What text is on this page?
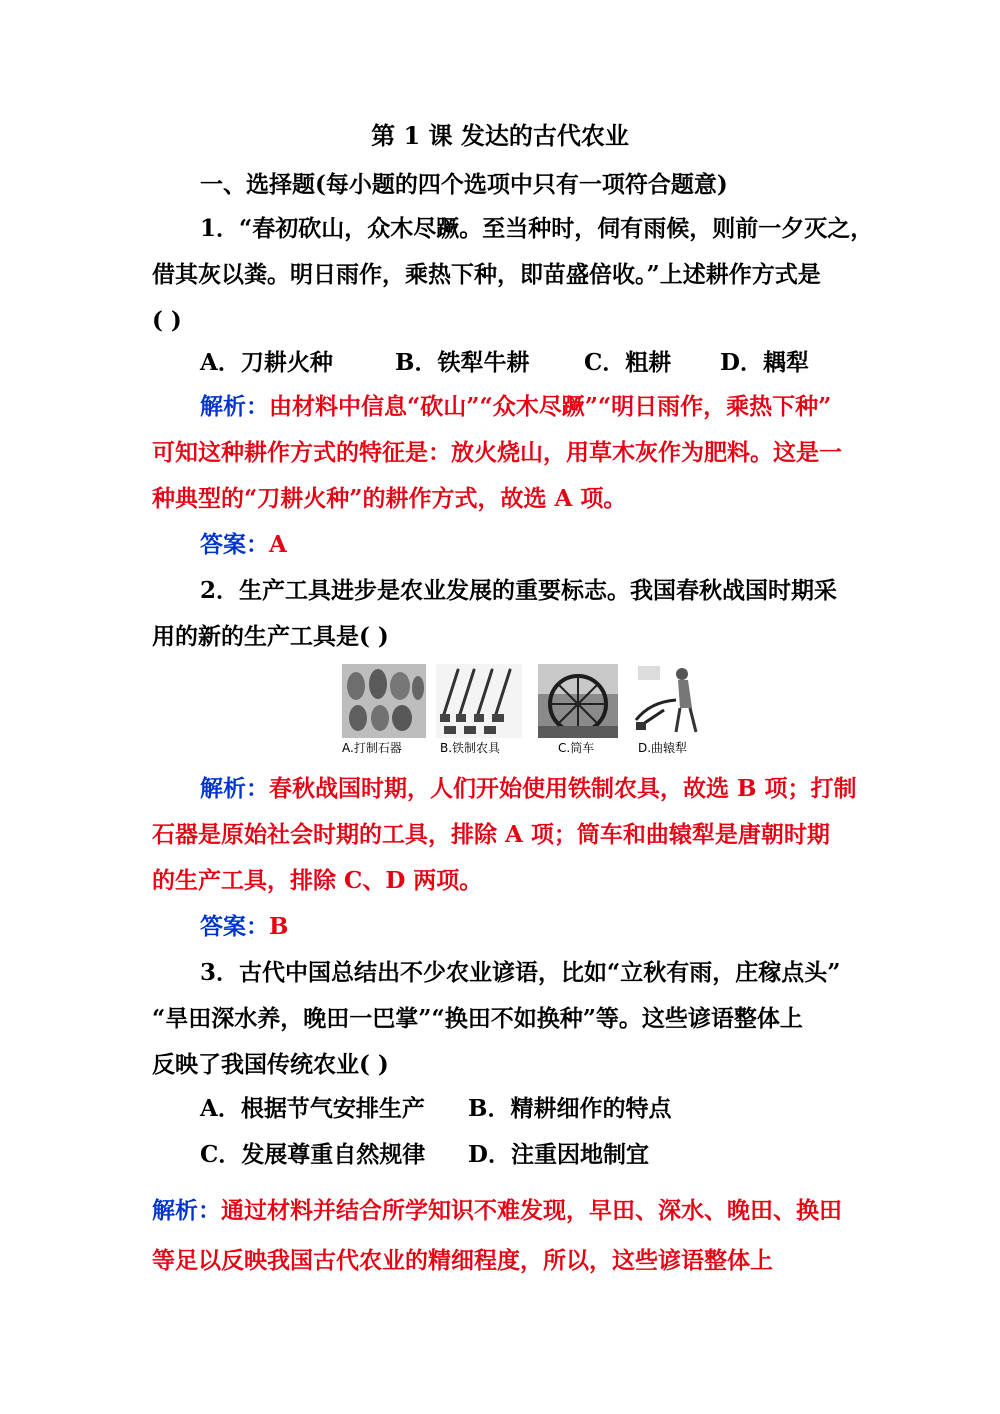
第 1 课 发达的古代农业
一、选择题(每小题的四个选项中只有一项符合题意)
1．“春初砍山，众木尽蹶。至当种时，伺有雨候，则前一夕灭之，
借其灰以粪。明日雨作，乘热下种，即苗盛倍收。”上述耕作方式是
( )
A．刀耕火种	B．铁犁牛耕 C．粗耕 D．耦犁
解析：由材料中信息“砍山”“众木尽蹶”“明日雨作，乘热下种”
可知这种耕作方式的特征是：放火烧山，用草木灰作为肥料。这是一
种典型的“刀耕火种”的耕作方式，故选 A 项。
答案：A
2．生产工具进步是农业发展的重要标志。我国春秋战国时期采
用的新的生产工具是( )
A.打制石器	B.铁制农具	C.筒车	D.曲辕犁
解析：春秋战国时期，人们开始使用铁制农具，故选 B 项；打制
石器是原始社会时期的工具，排除 A 项；筒车和曲辕犁是唐朝时期
的生产工具，排除 C、D 两项。
答案：B
3．古代中国总结出不少农业谚语，比如“立秋有雨，庄稼点头”
“旱田深水养，晚田一巴掌”“换田不如换种”等。这些谚语整体上
反映了我国传统农业( )
A．根据节气安排生产 B．精耕细作的特点
C．发展尊重自然规律 D．注重因地制宜
解析：通过材料并结合所学知识不难发现，早田、深水、晚田、换田
等足以反映我国古代农业的精细程度，所以，这些谚语整体上
